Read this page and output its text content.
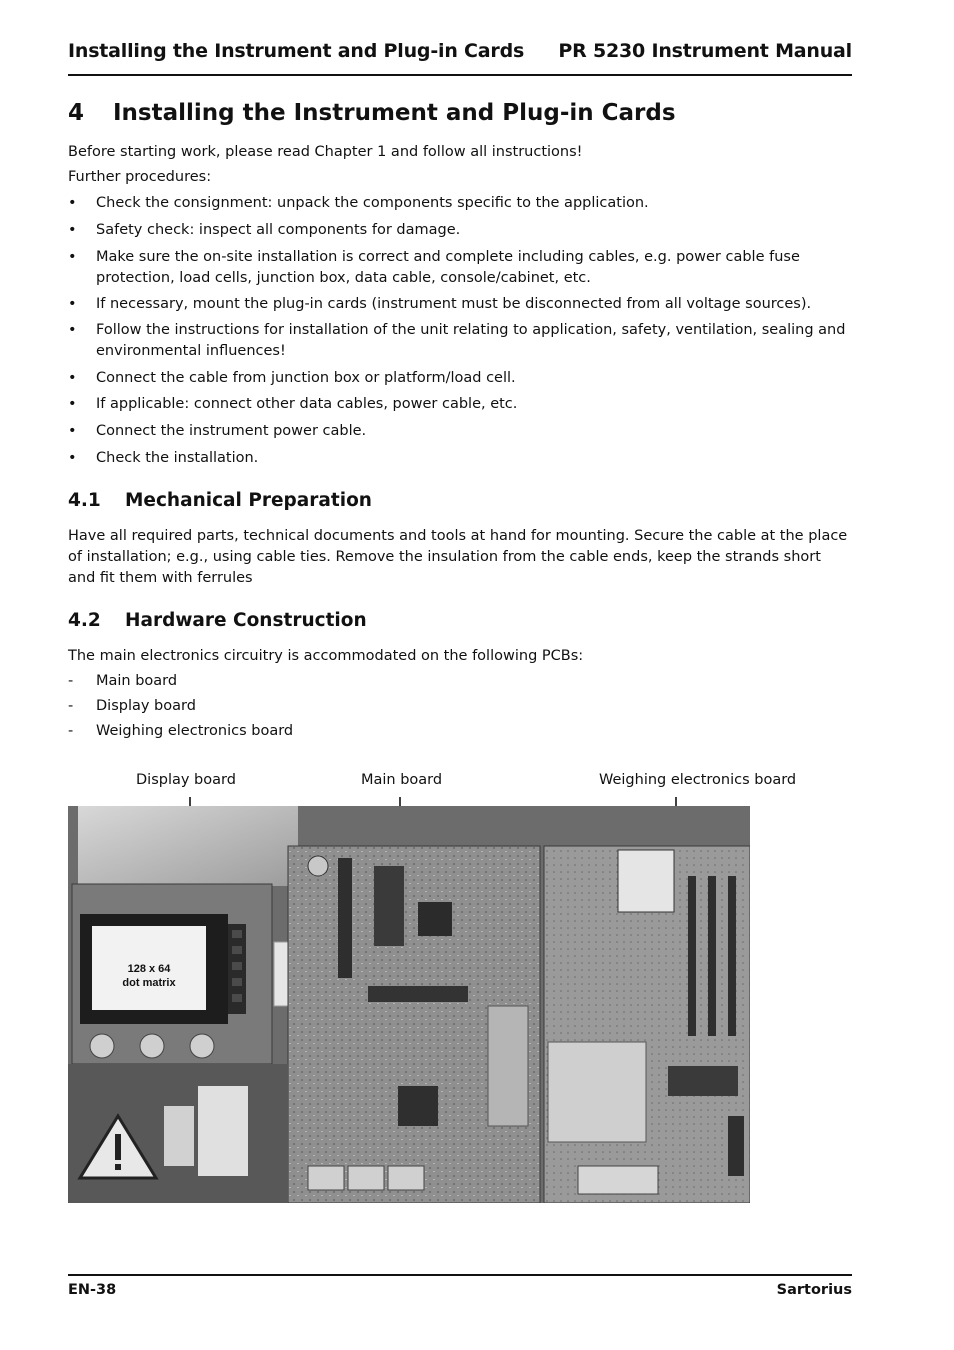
Installing the Instrument and Plug-in Cards PR 5230 Instrument Manual
4 Installing the Instrument and Plug-in Cards
Before starting work, please read Chapter 1 and follow all instructions!
Further procedures:
•	Check the consignment: unpack the components specific to the application.
•	Safety check: inspect all components for damage.
•	Make sure the on-site installation is correct and complete including cables, e.g. power cable fuse protection, load cells, junction box, data cable, console/cabinet, etc.
•	If necessary, mount the plug-in cards (instrument must be disconnected from all voltage sources).
•	Follow the instructions for installation of the unit relating to application, safety, ventilation, sealing and environmental influences!
•	Connect the cable from junction box or platform/load cell.
•	If applicable: connect other data cables, power cable, etc.
•	Connect the instrument power cable.
•	Check the installation.
4.1 Mechanical Preparation
Have all required parts, technical documents and tools at hand for mounting. Secure the cable at the place of installation; e.g., using cable ties. Remove the insulation from the cable ends, keep the strands short and fit them with ferrules
4.2 Hardware Construction
The main electronics circuitry is accommodated on the following PCBs:
-	Main board
-	Display board
-	Weighing electronics board
Display board	Main board	Weighing electronics board
128 x 64
dot matrix
EN-38	Sartorius
